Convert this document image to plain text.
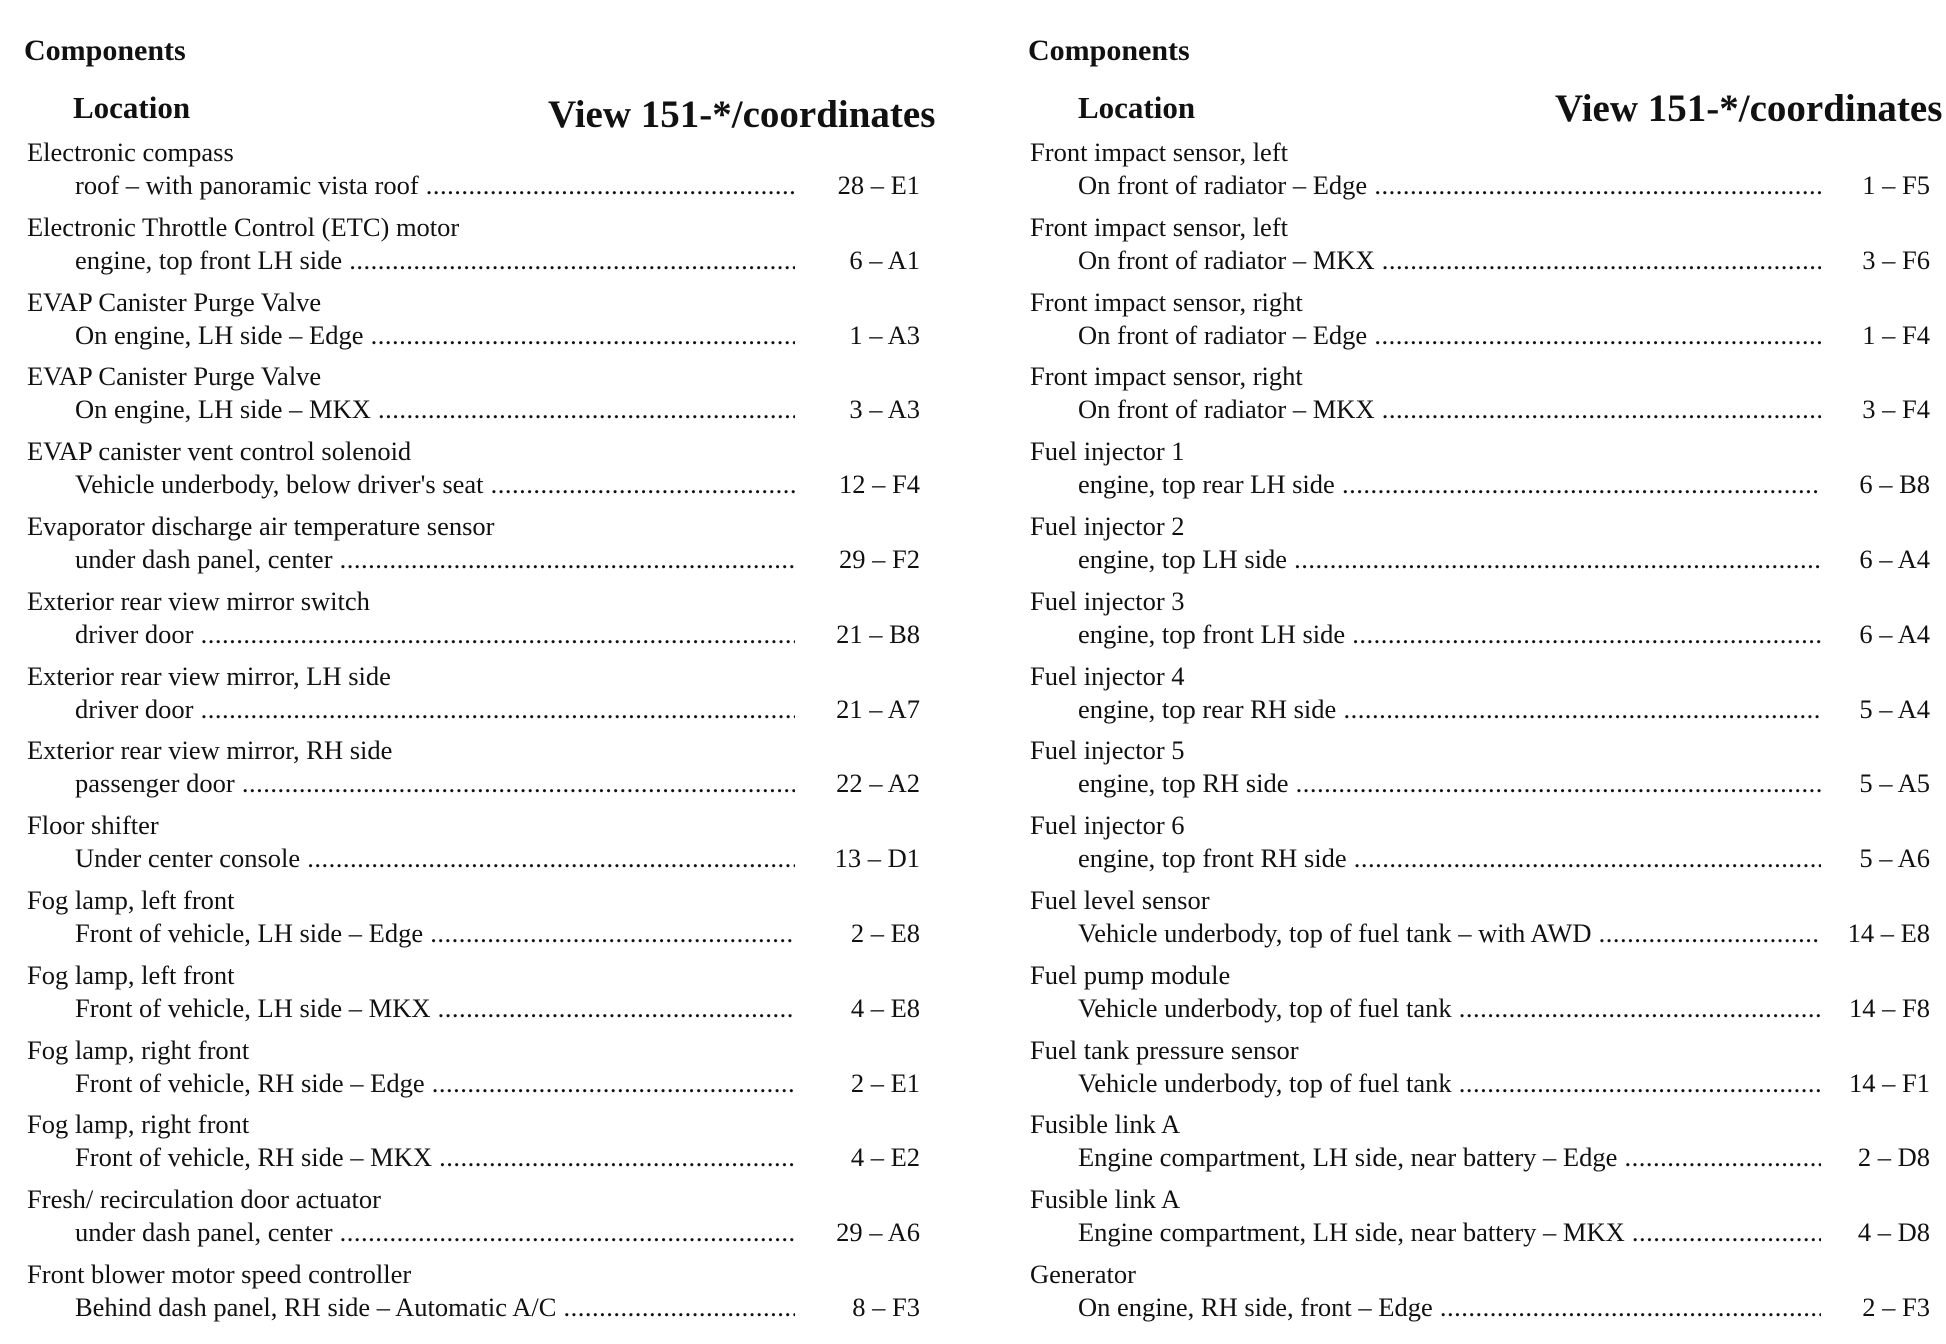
Components
Location	View 151-*/coordinates
Electronic compass
roof – with panoramic vista roof .....	28 – E1
Electronic Throttle Control (ETC) motor
engine, top front LH side .....	6 – A1
EVAP Canister Purge Valve
On engine, LH side – Edge .....	1 – A3
EVAP Canister Purge Valve
On engine, LH side – MKX .....	3 – A3
EVAP canister vent control solenoid
Vehicle underbody, below driver's seat .....	12 – F4
Evaporator discharge air temperature sensor
under dash panel, center .....	29 – F2
Exterior rear view mirror switch
driver door .....	21 – B8
Exterior rear view mirror, LH side
driver door .....	21 – A7
Exterior rear view mirror, RH side
passenger door .....	22 – A2
Floor shifter
Under center console .....	13 – D1
Fog lamp, left front
Front of vehicle, LH side – Edge .....	2 – E8
Fog lamp, left front
Front of vehicle, LH side – MKX .....	4 – E8
Fog lamp, right front
Front of vehicle, RH side – Edge .....	2 – E1
Fog lamp, right front
Front of vehicle, RH side – MKX .....	4 – E2
Fresh/ recirculation door actuator
under dash panel, center .....	29 – A6
Front blower motor speed controller
Behind dash panel, RH side – Automatic A/C .....	8 – F3
Components
Location	View 151-*/coordinates
Front impact sensor, left
On front of radiator – Edge .....	1 – F5
Front impact sensor, left
On front of radiator – MKX .....	3 – F6
Front impact sensor, right
On front of radiator – Edge .....	1 – F4
Front impact sensor, right
On front of radiator – MKX .....	3 – F4
Fuel injector 1
engine, top rear LH side .....	6 – B8
Fuel injector 2
engine, top LH side .....	6 – A4
Fuel injector 3
engine, top front LH side .....	6 – A4
Fuel injector 4
engine, top rear RH side .....	5 – A4
Fuel injector 5
engine, top RH side .....	5 – A5
Fuel injector 6
engine, top front RH side .....	5 – A6
Fuel level sensor
Vehicle underbody, top of fuel tank – with AWD .....	14 – E8
Fuel pump module
Vehicle underbody, top of fuel tank .....	14 – F8
Fuel tank pressure sensor
Vehicle underbody, top of fuel tank .....	14 – F1
Fusible link A
Engine compartment, LH side, near battery – Edge .....	2 – D8
Fusible link A
Engine compartment, LH side, near battery – MKX .....	4 – D8
Generator
On engine, RH side, front – Edge .....	2 – F3
